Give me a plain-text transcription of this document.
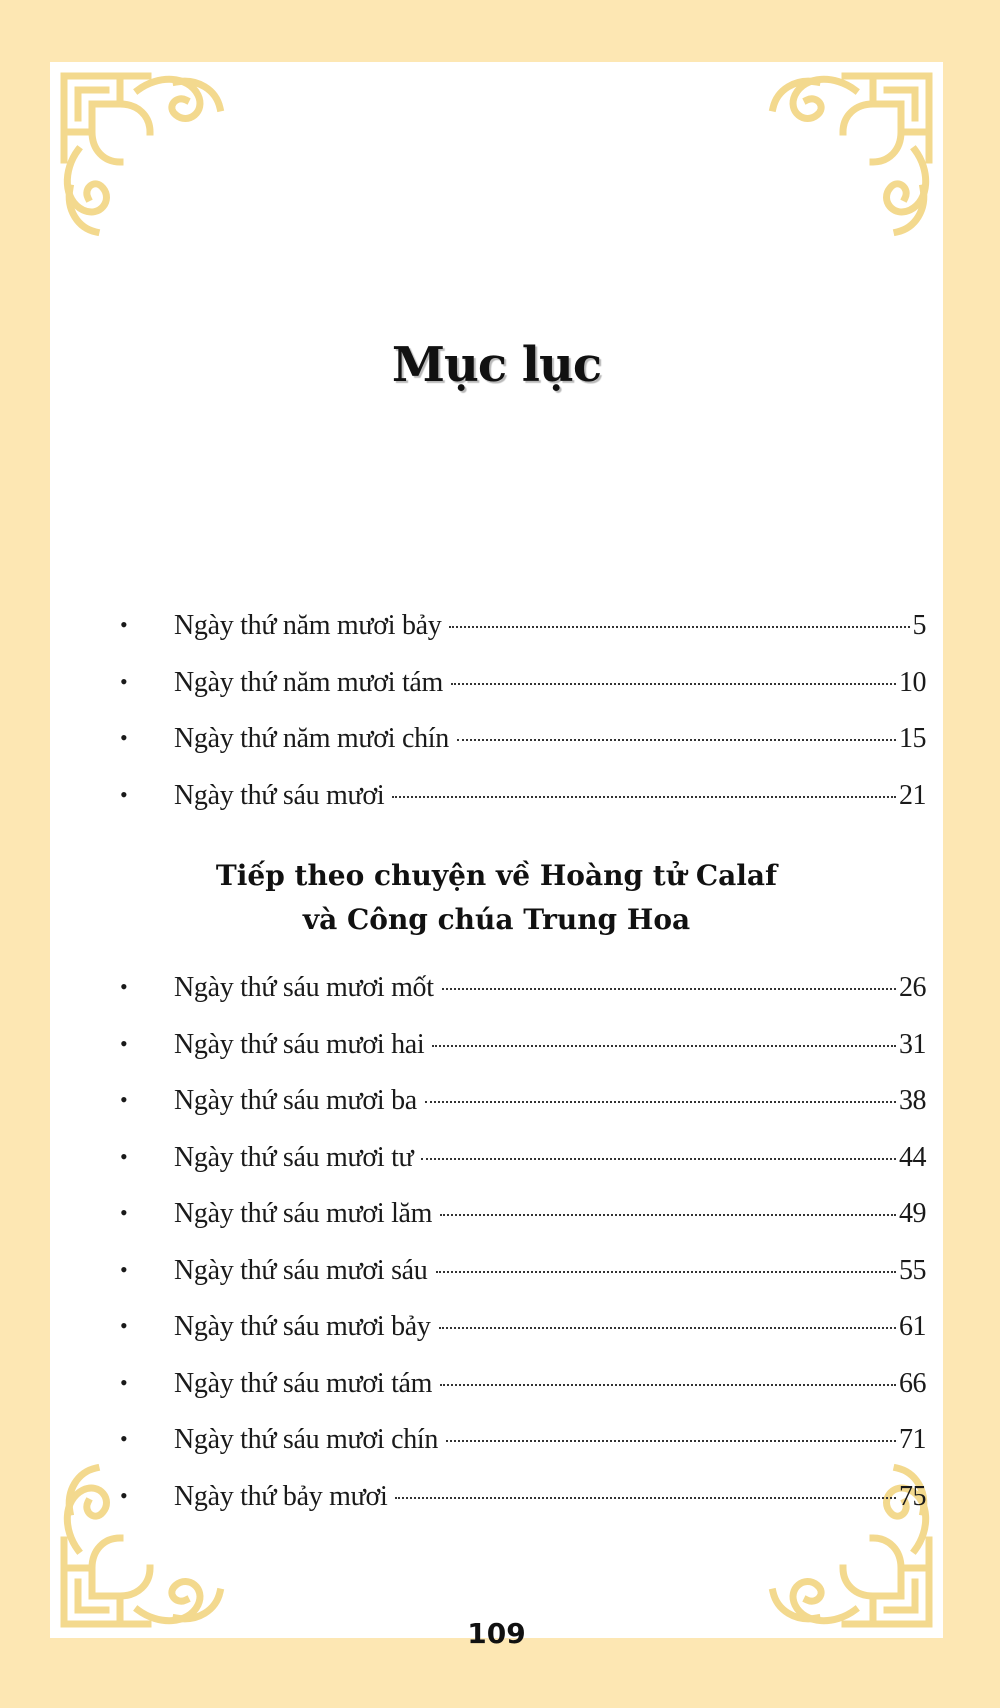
Mục lục
• Ngày thứ năm mươi bảy	5
• Ngày thứ năm mươi tám	10
• Ngày thứ năm mươi chín	15
• Ngày thứ sáu mươi	21
Tiếp theo chuyện về Hoàng tử Calaf
và Công chúa Trung Hoa
• Ngày thứ sáu mươi mốt	26
• Ngày thứ sáu mươi hai	31
• Ngày thứ sáu mươi ba	38
• Ngày thứ sáu mươi tư	44
• Ngày thứ sáu mươi lăm	49
• Ngày thứ sáu mươi sáu	55
• Ngày thứ sáu mươi bảy	61
• Ngày thứ sáu mươi tám	66
• Ngày thứ sáu mươi chín	71
• Ngày thứ bảy mươi	75

109
